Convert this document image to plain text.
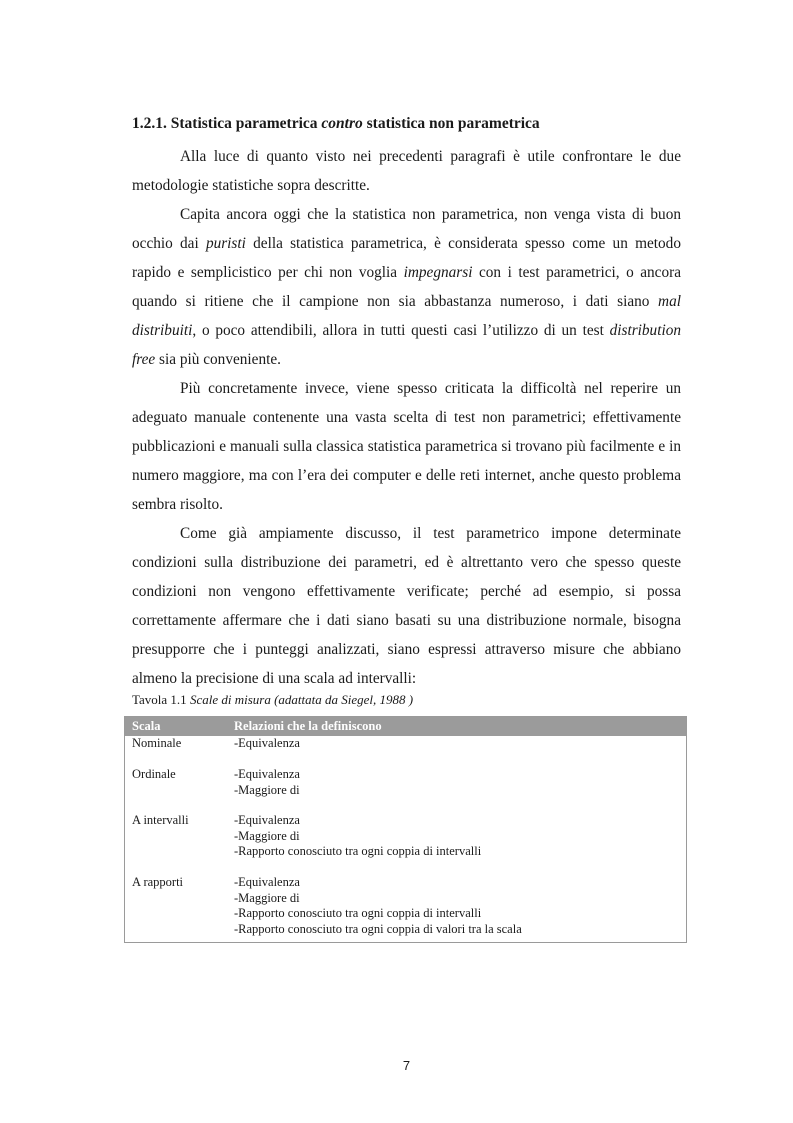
1.2.1. Statistica parametrica contro statistica non parametrica

Alla luce di quanto visto nei precedenti paragrafi è utile confrontare le due metodologie statistiche sopra descritte.

Capita ancora oggi che la statistica non parametrica, non venga vista di buon occhio dai puristi della statistica parametrica, è considerata spesso come un metodo rapido e semplicistico per chi non voglia impegnarsi con i test parametrici, o ancora quando si ritiene che il campione non sia abbastanza numeroso, i dati siano mal distribuiti, o poco attendibili, allora in tutti questi casi l’utilizzo di un test distribution free sia più conveniente.

Più concretamente invece, viene spesso criticata la difficoltà nel reperire un adeguato manuale contenente una vasta scelta di test non parametrici; effettivamente pubblicazioni e manuali sulla classica statistica parametrica si trovano più facilmente e in numero maggiore, ma con l’era dei computer e delle reti internet, anche questo problema sembra risolto.

Come già ampiamente discusso, il test parametrico impone determinate condizioni sulla distribuzione dei parametri, ed è altrettanto vero che spesso queste condizioni non vengono effettivamente verificate; perché ad esempio, si possa correttamente affermare che i dati siano basati su una distribuzione normale, bisogna presupporre che i punteggi analizzati, siano espressi attraverso misure che abbiano almeno la precisione di una scala ad intervalli:

Tavola 1.1 Scale di misura (adattata da Siegel, 1988 )
Scala	Relazioni che la definiscono
Nominale	-Equivalenza
Ordinale	-Equivalenza
-Maggiore di
A intervalli	-Equivalenza
-Maggiore di
-Rapporto conosciuto tra ogni coppia di intervalli
A rapporti	-Equivalenza
-Maggiore di
-Rapporto conosciuto tra ogni coppia di intervalli
-Rapporto conosciuto tra ogni coppia di valori tra la scala
7
